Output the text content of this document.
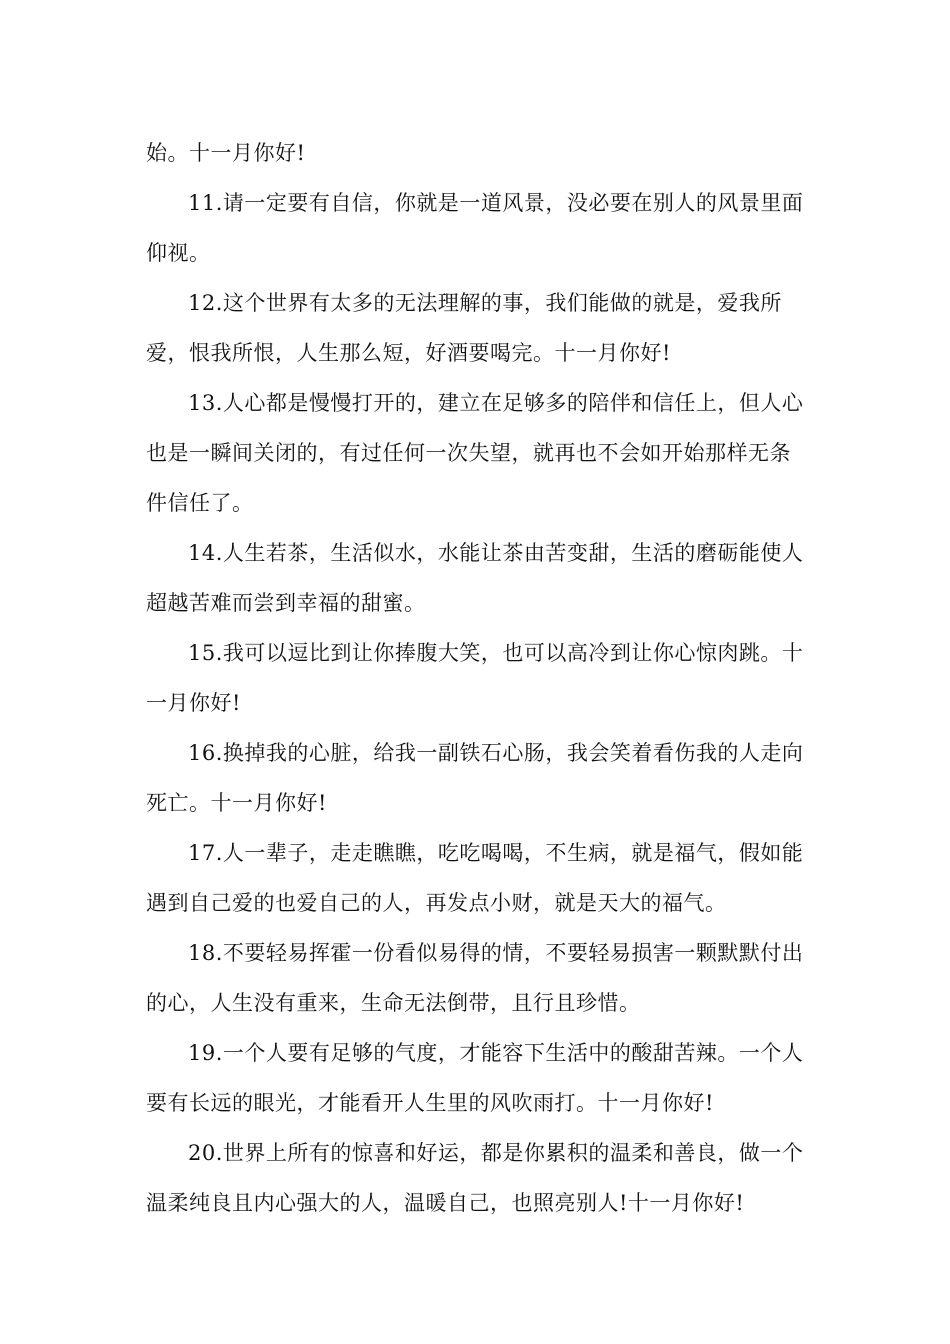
始。十一月你好!

11.请一定要有自信，你就是一道风景，没必要在别人的风景里面仰视。

12.这个世界有太多的无法理解的事，我们能做的就是，爱我所爱，恨我所恨，人生那么短，好酒要喝完。十一月你好!

13.人心都是慢慢打开的，建立在足够多的陪伴和信任上，但人心也是一瞬间关闭的，有过任何一次失望，就再也不会如开始那样无条件信任了。

14.人生若茶，生活似水，水能让茶由苦变甜，生活的磨砺能使人超越苦难而尝到幸福的甜蜜。

15.我可以逗比到让你捧腹大笑，也可以高冷到让你心惊肉跳。十一月你好!

16.换掉我的心脏，给我一副铁石心肠，我会笑着看伤我的人走向死亡。十一月你好!

17.人一辈子，走走瞧瞧，吃吃喝喝，不生病，就是福气，假如能遇到自己爱的也爱自己的人，再发点小财，就是天大的福气。

18.不要轻易挥霍一份看似易得的情，不要轻易损害一颗默默付出的心，人生没有重来，生命无法倒带，且行且珍惜。

19.一个人要有足够的气度，才能容下生活中的酸甜苦辣。一个人要有长远的眼光，才能看开人生里的风吹雨打。十一月你好!

20.世界上所有的惊喜和好运，都是你累积的温柔和善良，做一个温柔纯良且内心强大的人，温暖自己，也照亮别人!十一月你好!
